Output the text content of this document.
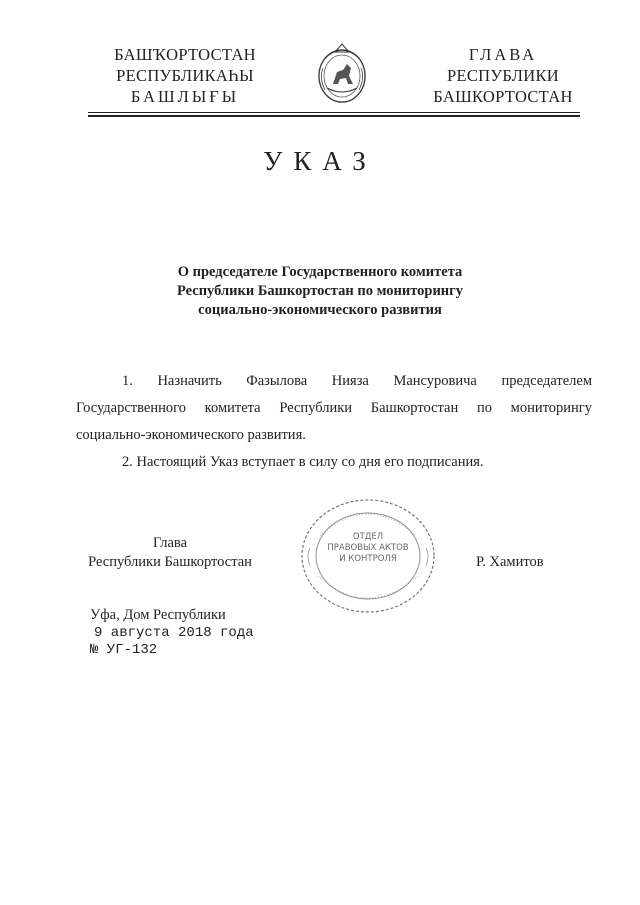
БАШҠОРТОСТАН
РЕСПУБЛИКАҺЫ
БАШЛЫҒЫ
ГЛАВА
РЕСПУБЛИКИ
БАШКОРТОСТАН
УКАЗ
О председателе Государственного комитета
Республики Башкортостан по мониторингу
социально-экономического развития
1. Назначить Фазылова Нияза Мансуровича председателем
Государственного комитета Республики Башкортостан по мониторингу
социально-экономического развития.
2. Настоящий Указ вступает в силу со дня его подписания.
Глава
Республики Башкортостан
ОТДЕЛ
ПРАВОВЫХ АКТОВ
И КОНТРОЛЯ	Р. Хамитов
Уфа, Дом Республики
9 августа 2018 года
№ УГ-132
